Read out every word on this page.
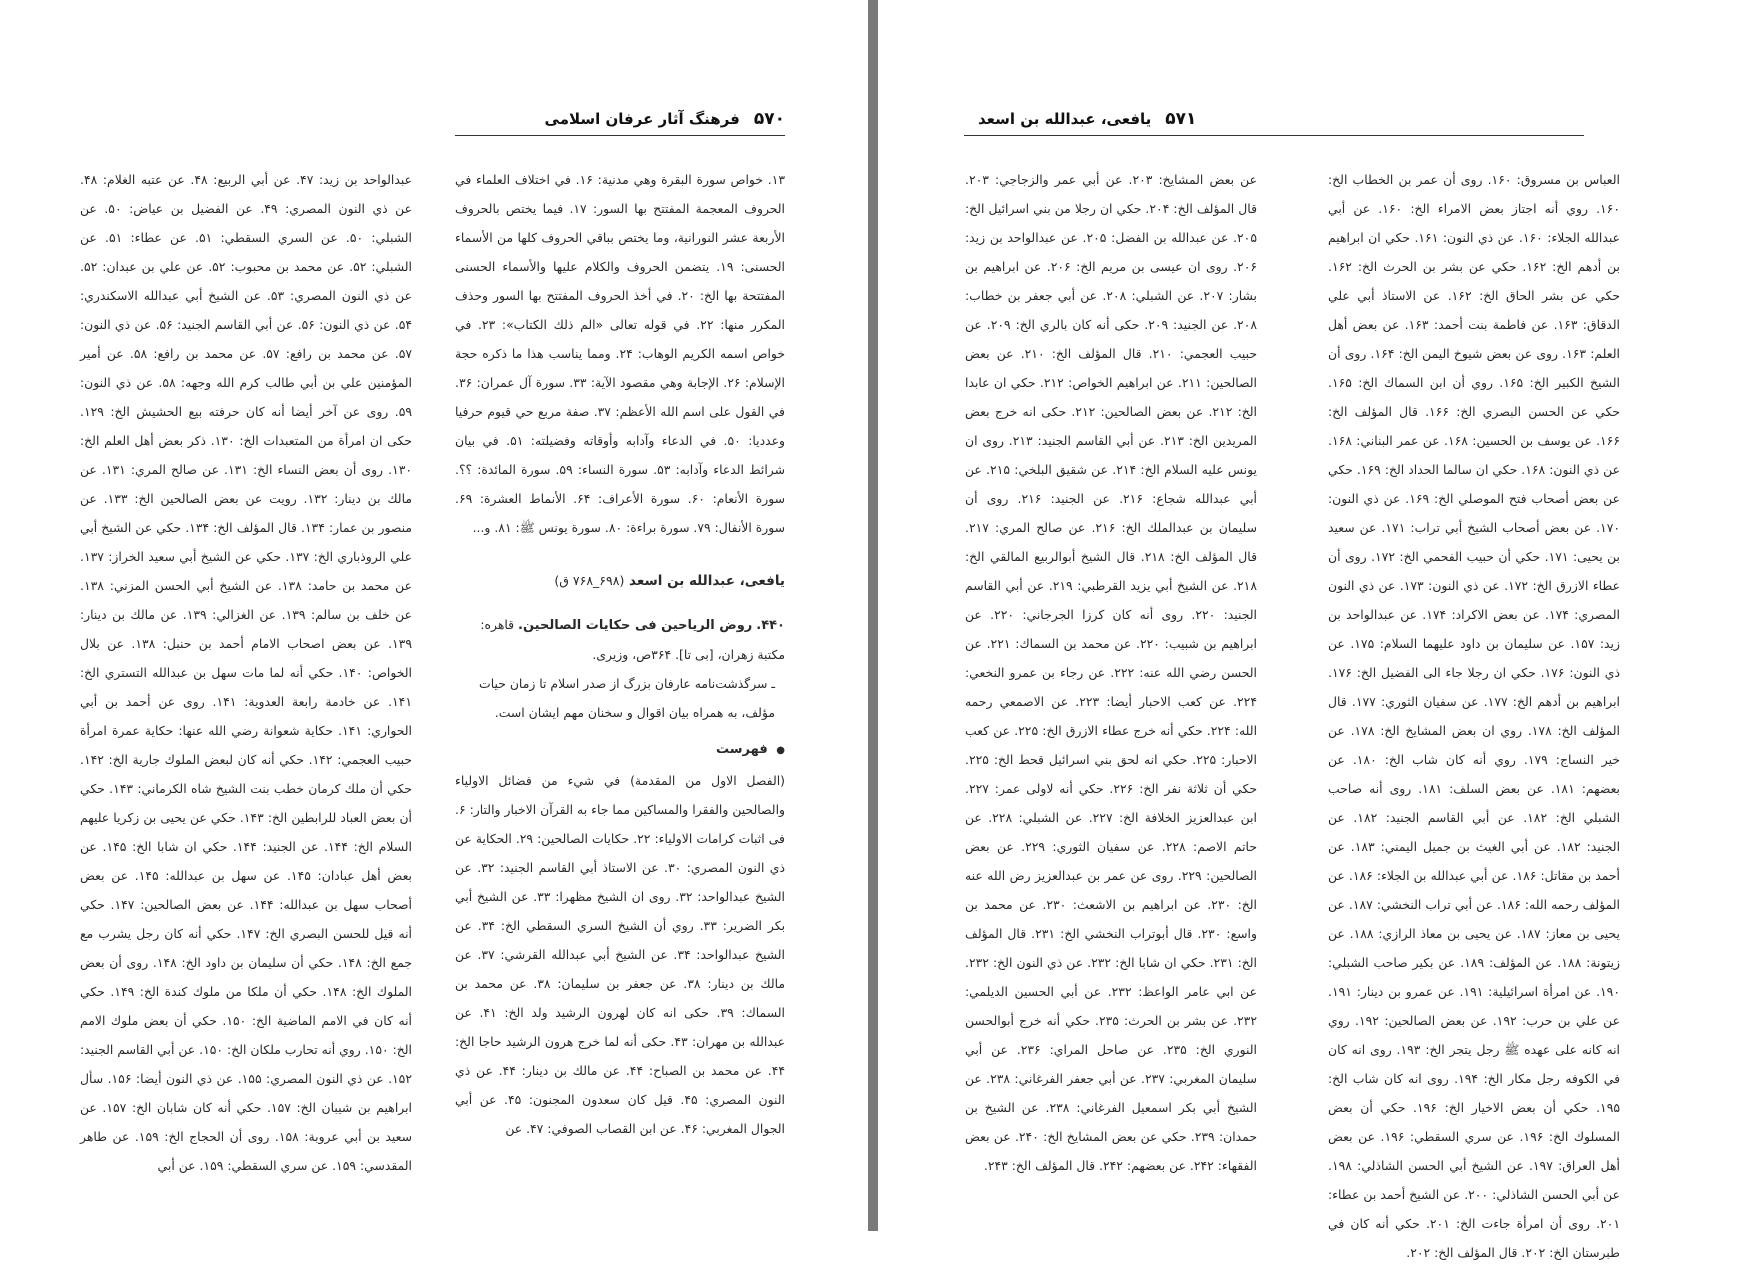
۵۷۰
فرهنگ آثار عرفان اسلامی
۱۳. خواص سورة البقرة وهي مدنية: ۱۶. في اختلاف العلماء في الحروف المعجمة المفتتح بها السور: ۱۷. فيما يختص بالحروف الأربعة عشر النورانية، وما يختص بباقي الحروف كلها من الأسماء الحسنى: ۱۹. يتضمن الحروف والكلام عليها والأسماء الحسنى المفتتحة بها الخ: ۲۰. في أخذ الحروف المفتتح بها السور وحذف المكرر منها: ۲۲. في قوله تعالى «الم ذلك الكتاب»: ۲۳. في خواص اسمه الكريم الوهاب: ۲۴. ومما يناسب هذا ما ذكره حجة الإسلام: ۲۶. الإجابة وهي مقصود الآية: ۳۳. سورة آل عمران: ۳۶. في القول على اسم الله الأعظم: ۳۷. صفة مربع حي قيوم حرفيا وعدديا: ۵۰. في الدعاء وآدابه وأوقاته وفضيلته: ۵۱. في بيان شرائط الدعاء وآدابه: ۵۳. سورة النساء: ۵۹. سورة المائدة: ؟؟. سورة الأنعام: ۶۰. سورة الأعراف: ۶۴. الأنماط العشرة: ۶۹. سورة الأنفال: ۷۹. سورة براءة: ۸۰. سورة يونس ﷺ: ۸۱. و...
یافعی، عبدالله بن اسعد (۶۹۸_۷۶۸ ق)
۴۴۰. روض الرياحين فى حكايات الصالحين. قاهره: مكتبة زهران، [بى تا]. ۳۶۴ص، وزيرى.
ـ سرگذشت‌نامه عارفان بزرگ از صدر اسلام تا زمان حیات مؤلف، به همراه بیان اقوال و سخنان مهم ایشان است.
● فهرست
(الفصل الاول من المقدمة) في شيء من فضائل الاولياء والصالحين والفقرا والمساكين مما جاء به القرآن الاخبار والتار: ۶. فى اثبات كرامات الاولياء: ۲۲. حكايات الصالحين: ۲۹. الحكاية عن ذي النون المصري: ۳۰. عن الاستاذ أبي القاسم الجنيد: ۳۲. عن الشيخ عبدالواحد: ۳۲. روى ان الشيخ مظهرا: ۳۳. عن الشيخ أبي بكر الضرير: ۳۳. روي أن الشيخ السري السقطي الخ: ۳۴. عن الشيخ عبدالواحد: ۳۴. عن الشيخ أبي عبدالله القرشي: ۳۷. عن مالك بن دينار: ۳۸. عن جعفر بن سليمان: ۳۸. عن محمد بن السماك: ۳۹. حكى انه كان لهرون الرشيد ولد الخ: ۴۱. عن عبدالله بن مهران: ۴۳. حكى أنه لما خرج هرون الرشيد حاجا الخ: ۴۴. عن محمد بن الصباح: ۴۴. عن مالك بن دينار: ۴۴. عن ذي النون المصري: ۴۵. قيل كان سعدون المجنون: ۴۵. عن أبي الجوال المغربي: ۴۶. عن ابن القصاب الصوفي: ۴۷. عن
عبدالواحد بن زيد: ۴۷. عن أبي الربيع: ۴۸. عن عتبه الغلام: ۴۸. عن ذي النون المصري: ۴۹. عن الفضيل بن عياض: ۵۰. عن الشبلي: ۵۰. عن السري السقطي: ۵۱. عن عطاء: ۵۱. عن الشبلي: ۵۲. عن محمد بن محبوب: ۵۲. عن علي بن عبدان: ۵۲. عن ذي النون المصري: ۵۳. عن الشيخ أبي عبدالله الاسكندري: ۵۴. عن ذي النون: ۵۶. عن أبي القاسم الجنيد: ۵۶. عن ذي النون: ۵۷. عن محمد بن رافع: ۵۷. عن محمد بن رافع: ۵۸. عن أمير المؤمنين علي بن أبي طالب كرم الله وجهه: ۵۸. عن ذي النون: ۵۹. روى عن آخر أيضا أنه كان حرفته بيع الحشيش الخ: ۱۲۹. حكى ان امرأة من المتعبدات الخ: ۱۳۰. ذكر بعض أهل العلم الخ: ۱۳۰. روى أن بعض النساء الخ: ۱۳۱. عن صالح المري: ۱۳۱. عن مالك بن دينار: ۱۳۲. رويت عن بعض الصالحين الخ: ۱۳۳. عن منصور بن عمار: ۱۳۴. قال المؤلف الخ: ۱۳۴. حكي عن الشيخ أبي علي الروذباري الخ: ۱۳۷. حكي عن الشيخ أبي سعيد الخراز: ۱۳۷. عن محمد بن حامد: ۱۳۸. عن الشيخ أبي الحسن المزني: ۱۳۸. عن خلف بن سالم: ۱۳۹. عن الغزالي: ۱۳۹. عن مالك بن دينار: ۱۳۹. عن بعض اصحاب الامام أحمد بن حنبل: ۱۳۸. عن بلال الخواص: ۱۴۰. حكي أنه لما مات سهل بن عبدالله التستري الخ: ۱۴۱. عن خادمة رابعة العدوية: ۱۴۱. روى عن أحمد بن أبي الحواري: ۱۴۱. حكاية شعوانة رضي الله عنها: حكاية عمرة امرأة حبيب العجمي: ۱۴۲. حكي أنه كان لبعض الملوك جارية الخ: ۱۴۲. حكي أن ملك كرمان خطب بنت الشيخ شاه الكرماني: ۱۴۳. حكي أن بعض العباد للرابطين الخ: ۱۴۳. حكي عن يحيى بن زكريا عليهم السلام الخ: ۱۴۴. عن الجنيد: ۱۴۴. حكي ان شابا الخ: ۱۴۵. عن بعض أهل عبادان: ۱۴۵. عن سهل بن عبدالله: ۱۴۵. عن بعض أصحاب سهل بن عبدالله: ۱۴۴. عن بعض الصالحين: ۱۴۷. حكي أنه قيل للحسن البصري الخ: ۱۴۷. حكي أنه كان رجل يشرب مع جمع الخ: ۱۴۸. حكي أن سليمان بن داود الخ: ۱۴۸. روى أن بعض الملوك الخ: ۱۴۸. حكي أن ملكا من ملوك كندة الخ: ۱۴۹. حكي أنه كان في الامم الماضية الخ: ۱۵۰. حكي أن بعض ملوك الامم الخ: ۱۵۰. روي أنه تحارب ملكان الخ: ۱۵۰. عن أبي القاسم الجنيد: ۱۵۲. عن ذي النون المصري: ۱۵۵. عن ذي النون أيضا: ۱۵۶. سأل ابراهيم بن شيبان الخ: ۱۵۷. حكي أنه كان شابان الخ: ۱۵۷. عن سعيد بن أبي عروبة: ۱۵۸. روى أن الحجاج الخ: ۱۵۹. عن طاهر المقدسي: ۱۵۹. عن سري السقطي: ۱۵۹. عن أبي
۵۷۱
یافعی، عبدالله بن اسعد
العباس بن مسروق: ۱۶۰. روى أن عمر بن الخطاب الخ: ۱۶۰. روي أنه اجتاز بعض الامراء الخ: ۱۶۰. عن أبي عبدالله الجلاء: ۱۶۰. عن ذي النون: ۱۶۱. حكي ان ابراهيم بن أدهم الخ: ۱۶۲. حكي عن بشر بن الحرث الخ: ۱۶۲. حكي عن بشر الحاق الخ: ۱۶۲. عن الاستاذ أبي علي الدقاق: ۱۶۳. عن فاطمة بنت أحمد: ۱۶۳. عن بعض أهل العلم: ۱۶۳. روى عن بعض شيوخ اليمن الخ: ۱۶۴. روى أن الشيخ الكبير الخ: ۱۶۵. روي أن ابن السماك الخ: ۱۶۵. حكي عن الحسن البصري الخ: ۱۶۶. قال المؤلف الخ: ۱۶۶. عن يوسف بن الحسين: ۱۶۸. عن عمر البناني: ۱۶۸. عن ذي النون: ۱۶۸. حكي ان سالما الحداد الخ: ۱۶۹. حكي عن بعض أصحاب فتح الموصلي الخ: ۱۶۹. عن ذي النون: ۱۷۰. عن بعض أصحاب الشيخ أبي تراب: ۱۷۱. عن سعيد بن يحيى: ۱۷۱. حكي أن حبيب الفحمي الخ: ۱۷۲. روى أن عطاء الازرق الخ: ۱۷۲. عن ذي النون: ۱۷۳. عن ذي النون المصري: ۱۷۴. عن بعض الاكراد: ۱۷۴. عن عبدالواحد بن زيد: ۱۵۷. عن سليمان بن داود عليهما السلام: ۱۷۵. عن ذي النون: ۱۷۶. حكي ان رجلا جاء الى الفضيل الخ: ۱۷۶. ابراهيم بن أدهم الخ: ۱۷۷. عن سفيان الثوري: ۱۷۷. قال المؤلف الخ: ۱۷۸. روي ان بعض المشايخ الخ: ۱۷۸. عن خير النساج: ۱۷۹. روي أنه كان شاب الخ: ۱۸۰. عن بعضهم: ۱۸۱. عن بعض السلف: ۱۸۱. روى أنه صاحب الشبلي الخ: ۱۸۲. عن أبي القاسم الجنيد: ۱۸۲. عن الجنيد: ۱۸۲. عن أبي الغيث بن جميل اليمني: ۱۸۳. عن أحمد بن مقاتل: ۱۸۶. عن أبي عبدالله بن الجلاء: ۱۸۶. عن المؤلف رحمه الله: ۱۸۶. عن أبي تراب النخشي: ۱۸۷. عن يحيى بن معاز: ۱۸۷. عن يحيى بن معاذ الرازي: ۱۸۸. عن زيتونة: ۱۸۸. عن المؤلف: ۱۸۹. عن بكير صاحب الشبلي: ۱۹۰. عن امرأة اسرائيلية: ۱۹۱. عن عمرو بن دينار: ۱۹۱. عن علي بن حرب: ۱۹۲. عن بعض الصالحين: ۱۹۲. روي انه كانه على عهده ﷺ رجل يتجر الخ: ۱۹۳. روى انه كان في الكوفه رجل مكار الخ: ۱۹۴. روى انه كان شاب الخ: ۱۹۵. حكي أن بعض الاخيار الخ: ۱۹۶. حكي أن بعض المسلوك الخ: ۱۹۶. عن سري السقطي: ۱۹۶. عن بعض أهل العراق: ۱۹۷. عن الشيخ أبي الحسن الشاذلي: ۱۹۸. عن أبي الحسن الشاذلي: ۲۰۰. عن الشيخ أحمد بن عطاء: ۲۰۱. روى أن امرأة جاءت الخ: ۲۰۱. حكي أنه كان في طبرستان الخ: ۲۰۲. قال المؤلف الخ: ۲۰۲.
عن بعض المشايخ: ۲۰۳. عن أبي عمر والزجاجي: ۲۰۳. قال المؤلف الخ: ۲۰۴. حكي ان رجلا من بني اسرائيل الخ: ۲۰۵. عن عبدالله بن الفضل: ۲۰۵. عن عبدالواحد بن زيد: ۲۰۶. روى ان عيسى بن مريم الخ: ۲۰۶. عن ابراهيم بن بشار: ۲۰۷. عن الشبلي: ۲۰۸. عن أبي جعفر بن خطاب: ۲۰۸. عن الجنيد: ۲۰۹. حكى أنه كان بالري الخ: ۲۰۹. عن حبيب العجمي: ۲۱۰. قال المؤلف الخ: ۲۱۰. عن بعض الصالحين: ۲۱۱. عن ابراهيم الخواص: ۲۱۲. حكي ان عابدا الخ: ۲۱۲. عن بعض الصالحين: ۲۱۲. حكى انه خرج بعض المريدين الخ: ۲۱۳. عن أبي القاسم الجنيد: ۲۱۳. روى ان يونس عليه السلام الخ: ۲۱۴. عن شقيق البلخي: ۲۱۵. عن أبي عبدالله شجاع: ۲۱۶. عن الجنيد: ۲۱۶. روى أن سليمان بن عبدالملك الخ: ۲۱۶. عن صالح المري: ۲۱۷. قال المؤلف الخ: ۲۱۸. قال الشيخ أبوالربيع المالقي الخ: ۲۱۸. عن الشيخ أبي يزيد القرطبي: ۲۱۹. عن أبي القاسم الجنيد: ۲۲۰. روى أنه كان كرزا الجرجاني: ۲۲۰. عن ابراهيم بن شبيب: ۲۲۰. عن محمد بن السماك: ۲۲۱. عن الحسن رضي الله عنه: ۲۲۲. عن رجاء بن عمرو النخعي: ۲۲۴. عن كعب الاحبار أيضا: ۲۲۳. عن الاصمعي رحمه الله: ۲۲۴. حكي أنه خرج عطاء الازرق الخ: ۲۲۵. عن كعب الاحبار: ۲۲۵. حكي انه لحق بني اسرائيل قحط الخ: ۲۲۵. حكي أن ثلاثة نفر الخ: ۲۲۶. حكي أنه لاولى عمر: ۲۲۷. ابن عبدالعزيز الخلافة الخ: ۲۲۷. عن الشبلي: ۲۲۸. عن حاتم الاصم: ۲۲۸. عن سفيان الثوري: ۲۲۹. عن بعض الصالحين: ۲۲۹. روى عن عمر بن عبدالعزيز رض الله عنه الخ: ۲۳۰. عن ابراهيم بن الاشعث: ۲۳۰. عن محمد بن واسع: ۲۳۰. قال أبوتراب النخشي الخ: ۲۳۱. قال المؤلف الخ: ۲۳۱. حكي ان شابا الخ: ۲۳۲. عن ذي النون الخ: ۲۳۲. عن ابي عامر الواعظ: ۲۳۲. عن أبي الحسين الديلمي: ۲۳۲. عن بشر بن الحرث: ۲۳۵. حكي أنه خرج أبوالحسن النوري الخ: ۲۳۵. عن صاحل المراي: ۲۳۶. عن أبي سليمان المغربي: ۲۳۷. عن أبي جعفر الفرغاني: ۲۳۸. عن الشيخ أبي بكر اسمعيل الفرغاني: ۲۳۸. عن الشيخ بن حمدان: ۲۳۹. حكي عن بعض المشايخ الخ: ۲۴۰. عن بعض الفقهاء: ۲۴۲. عن بعضهم: ۲۴۲. قال المؤلف الخ: ۲۴۳.
